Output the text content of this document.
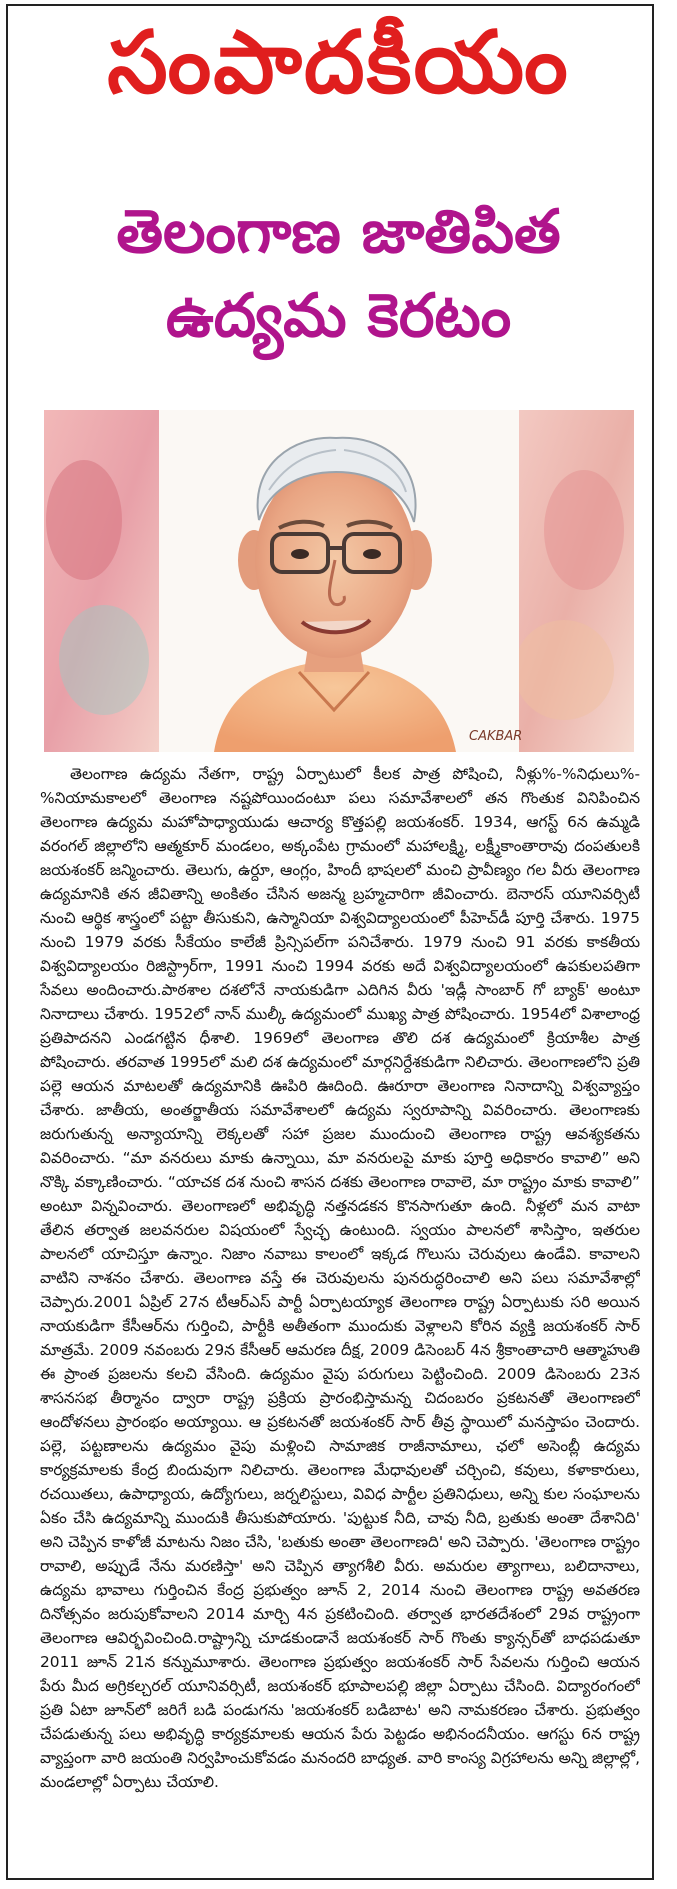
సంపాదకీయం
తెలంగాణ జాతిపిత
ఉద్యమ కెరటం
CAKBAR

తెలంగాణ ఉద్యమ నేతగా, రాష్ట్ర ఏర్పాటులో కీలక పాత్ర పోషించి, నీళ్లు%-%నిధులు%-%నియామకాలలో తెలంగాణ నష్టపోయిందంటూ పలు సమావేశాలలో తన గొంతుక వినిపించిన తెలంగాణ ఉద్యమ మహోపాధ్యాయుడు ఆచార్య కొత్తపల్లి జయశంకర్. 1934, ఆగస్ట్ 6న ఉమ్మడి వరంగల్ జిల్లాలోని ఆత్మకూర్ మండలం, అక్కంపేట గ్రామంలో మహాలక్ష్మి, లక్ష్మీకాంతారావు దంపతులకి జయశంకర్ జన్మించారు. తెలుగు, ఉర్దూ, ఆంగ్లం, హిందీ భాషలలో మంచి ప్రావీణ్యం గల వీరు తెలంగాణ ఉద్యమానికి తన జీవితాన్ని అంకితం చేసిన అజన్మ బ్రహ్మచారిగా జీవించారు. బెనారస్ యూనివర్సిటీ నుంచి ఆర్థిక శాస్త్రంలో పట్టా తీసుకుని, ఉస్మానియా విశ్వవిద్యాలయంలో పీహెచ్‌డీ పూర్తి చేశారు. 1975 నుంచి 1979 వరకు సీకేయం కాలేజీ ప్రిన్సిపల్‌గా పనిచేశారు. 1979 నుంచి 91 వరకు కాకతీయ విశ్వవిద్యాలయం రిజిస్ట్రార్‌గా, 1991 నుంచి 1994 వరకు అదే విశ్వవిద్యాలయంలో ఉపకులపతిగా సేవలు అందించారు.పాఠశాల దశలోనే నాయకుడిగా ఎదిగిన వీరు 'ఇడ్లీ సాంబార్ గో బ్యాక్' అంటూ నినాదాలు చేశారు. 1952లో నాన్ ముల్కీ ఉద్యమంలో ముఖ్య పాత్ర పోషించారు. 1954లో విశాలాంధ్ర ప్రతిపాదనని ఎండగట్టిన ధీశాలి. 1969లో తెలంగాణ తొలి దశ ఉద్యమంలో క్రియాశీల పాత్ర పోషించారు. తరవాత 1995లో మలి దశ ఉద్యమంలో మార్గనిర్దేశకుడిగా నిలిచారు. తెలంగాణలోని ప్రతి పల్లె ఆయన మాటలతో ఉద్యమానికి ఊపిరి ఊదింది. ఊరూరా తెలంగాణ నినాదాన్ని విశ్వవ్యాప్తం చేశారు. జాతీయ, అంతర్జాతీయ సమావేశాలలో ఉద్యమ స్వరూపాన్ని వివరించారు. తెలంగాణకు జరుగుతున్న అన్యాయాన్ని లెక్కలతో సహా ప్రజల ముందుంచి తెలంగాణ రాష్ట్ర ఆవశ్యకతను వివరించారు. “మా వనరులు మాకు ఉన్నాయి, మా వనరులపై మాకు పూర్తి అధికారం కావాలి” అని నొక్కి వక్కాణించారు. “యాచక దశ నుంచి శాసన దశకు తెలంగాణ రావాలె, మా రాష్ట్రం మాకు కావాలి” అంటూ విన్నవించారు. తెలంగాణలో అభివృద్ధి నత్తనడకన కొనసాగుతూ ఉంది. నీళ్లలో మన వాటా తేలిన తర్వాత జలవనరుల విషయంలో స్వేచ్ఛ ఉంటుంది. స్వయం పాలనలో శాసిస్తాం, ఇతరుల పాలనలో యాచిస్తూ ఉన్నాం. నిజాం నవాబు కాలంలో ఇక్కడ గొలుసు చెరువులు ఉండేవి. కావాలని వాటిని నాశనం చేశారు. తెలంగాణ వస్తే ఈ చెరువులను పునరుద్ధరించాలి అని పలు సమావేశాల్లో చెప్పారు.2001 ఏప్రిల్ 27న టీఆర్ఎస్ పార్టీ ఏర్పాటయ్యాక తెలంగాణ రాష్ట్ర ఏర్పాటుకు సరి అయిన నాయకుడిగా కేసీఆర్‌ను గుర్తించి, పార్టీకి అతీతంగా ముందుకు వెళ్లాలని కోరిన వ్యక్తి జయశంకర్ సార్ మాత్రమే. 2009 నవంబరు 29న కేసీఆర్ ఆమరణ దీక్ష, 2009 డిసెంబర్ 4న శ్రీకాంతాచారి ఆత్మాహుతి ఈ ప్రాంత ప్రజలను కలచి వేసింది. ఉద్యమం వైపు పరుగులు పెట్టించింది. 2009 డిసెంబరు 23న శాసనసభ తీర్మానం ద్వారా రాష్ట్ర ప్రక్రియ ప్రారంభిస్తామన్న చిదంబరం ప్రకటనతో తెలంగాణలో ఆందోళనలు ప్రారంభం అయ్యాయి. ఆ ప్రకటనతో జయశంకర్ సార్ తీవ్ర స్థాయిలో మనస్తాపం చెందారు. పల్లె, పట్టణాలను ఉద్యమం వైపు మళ్లించి సామాజిక రాజీనామాలు, ఛలో అసెంబ్లీ ఉద్యమ కార్యక్రమాలకు కేంద్ర బిందువుగా నిలిచారు. తెలంగాణ మేధావులతో చర్చించి, కవులు, కళాకారులు, రచయితలు, ఉపాధ్యాయ, ఉద్యోగులు, జర్నలిస్టులు, వివిధ పార్టీల ప్రతినిధులు, అన్ని కుల సంఘాలను ఏకం చేసి ఉద్యమాన్ని ముందుకి తీసుకుపోయారు. 'పుట్టుక నీది, చావు నీది, బ్రతుకు అంతా దేశానిది' అని చెప్పిన కాళోజీ మాటను నిజం చేసి, 'బతుకు అంతా తెలంగాణది' అని చెప్పారు. 'తెలంగాణ రాష్ట్రం రావాలి, అప్పుడే నేను మరణిస్తా' అని చెప్పిన త్యాగశీలి వీరు. అమరుల త్యాగాలు, బలిదానాలు, ఉద్యమ భావాలు గుర్తించిన కేంద్ర ప్రభుత్వం జూన్ 2, 2014 నుంచి తెలంగాణ రాష్ట్ర అవతరణ దినోత్సవం జరుపుకోవాలని 2014 మార్చి 4న ప్రకటించింది. తర్వాత భారతదేశంలో 29వ రాష్ట్రంగా తెలంగాణ ఆవిర్భవించింది.రాష్ట్రాన్ని చూడకుండానే జయశంకర్ సార్ గొంతు క్యాన్సర్‌తో బాధపడుతూ 2011 జూన్ 21న కన్నుమూశారు. తెలంగాణ ప్రభుత్వం జయశంకర్ సార్ సేవలను గుర్తించి ఆయన పేరు మీద అగ్రికల్చరల్ యూనివర్సిటీ, జయశంకర్ భూపాలపల్లి జిల్లా ఏర్పాటు చేసింది. విద్యారంగంలో ప్రతి ఏటా జూన్‌లో జరిగే బడి పండుగను 'జయశంకర్ బడిబాట' అని నామకరణం చేశారు. ప్రభుత్వం చేపడుతున్న పలు అభివృద్ధి కార్యక్రమాలకు ఆయన పేరు పెట్టడం అభినందనీయం. ఆగస్టు 6న రాష్ట్ర వ్యాప్తంగా వారి జయంతి నిర్వహించుకోవడం మనందరి బాధ్యత. వారి కాంస్య విగ్రహాలను అన్ని జిల్లాల్లో, మండలాల్లో ఏర్పాటు చేయాలి.
